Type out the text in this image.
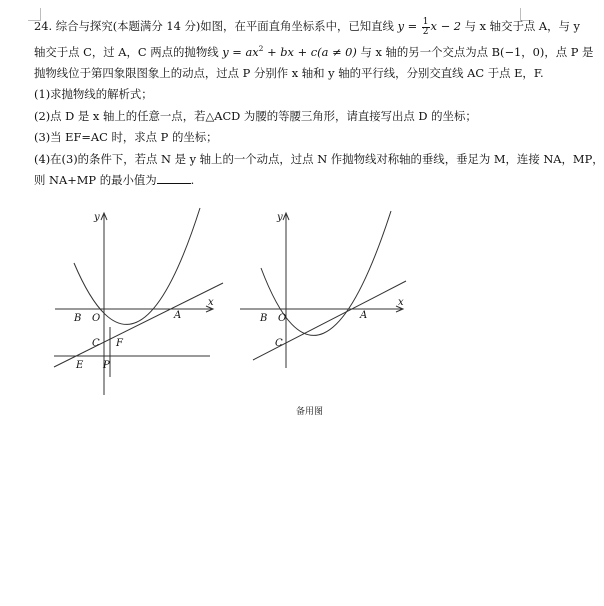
24. 综合与探究(本题满分 14 分)如图，在平面直角坐标系中，已知直线 $y = \frac{1}{2}$ x − 2 与 x 轴交于点 A，与 y
轴交于点 C，过 A，C 两点的抛物线 $y = ax^2$ + bx + c(a ≠ 0) 与 x 轴的另一个交点为点 B(−1，0)，点 P 是
抛物线位于第四象限图象上的动点，过点 P 分别作 x 轴和 y 轴的平行线，分别交直线 AC 于点 E，F.
(1)求抛物线的解析式；
(2)点 D 是 x 轴上的任意一点，若△ACD 为腰的等腰三角形，请直接写出点 D 的坐标；
(3)当 EF=AC 时，求点 P 的坐标；
(4)在(3)的条件下，若点 N 是 y 轴上的一个动点，过点 N 作抛物线对称轴的垂线，垂足为 M，连接 NA，MP，
则 NA+MP 的最小值为	.
y
x
B O	A
C F
E P
y
x
B O	A
C
备用图
